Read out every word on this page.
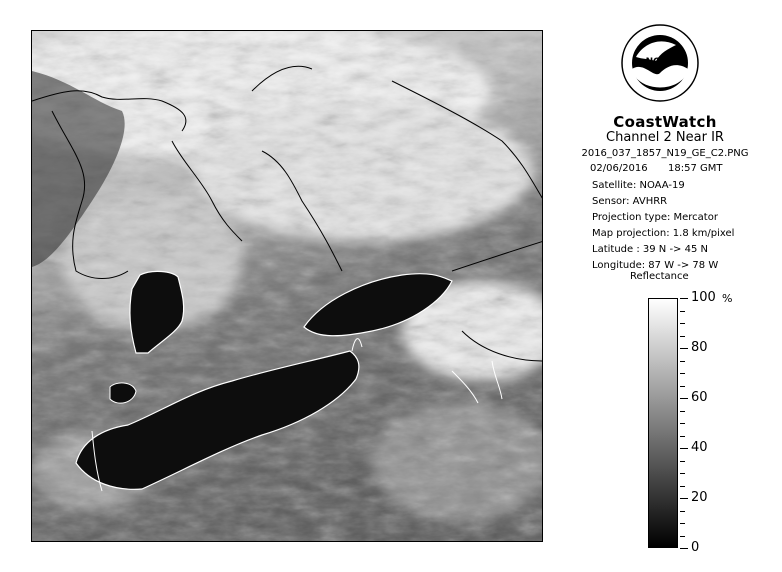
NOAA
CoastWatch
Channel 2 Near IR
2016_037_1857_N19_GE_C2.PNG
02/06/2016 18:57 GMT
Satellite: NOAA-19
Sensor: AVHRR
Projection type: Mercator
Map projection: 1.8 km/pixel
Latitude : 39 N -> 45 N
Longitude: 87 W -> 78 W
Reflectance
%
100
80
60
40
20
0
